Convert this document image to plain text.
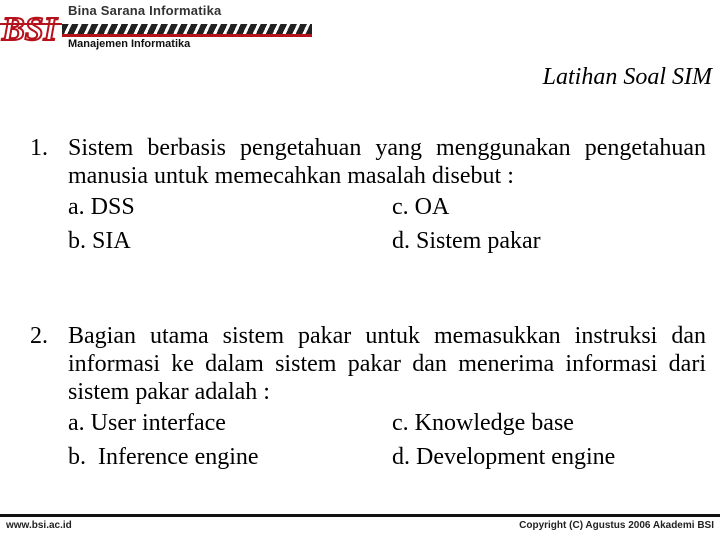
BSI
Bina Sarana Informatika
Manajemen Informatika
Latihan Soal SIM
1. Sistem berbasis pengetahuan yang menggunakan pengetahuan manusia untuk memecahkan masalah disebut :
a. DSS	c. OA
b. SIA	d. Sistem pakar
2. Bagian utama sistem pakar untuk memasukkan instruksi dan informasi ke dalam sistem pakar dan menerima informasi dari sistem pakar adalah :
a. User interface	c. Knowledge base
b.  Inference engine	d. Development engine
www.bsi.ac.id	Copyright (C) Agustus 2006 Akademi BSI
